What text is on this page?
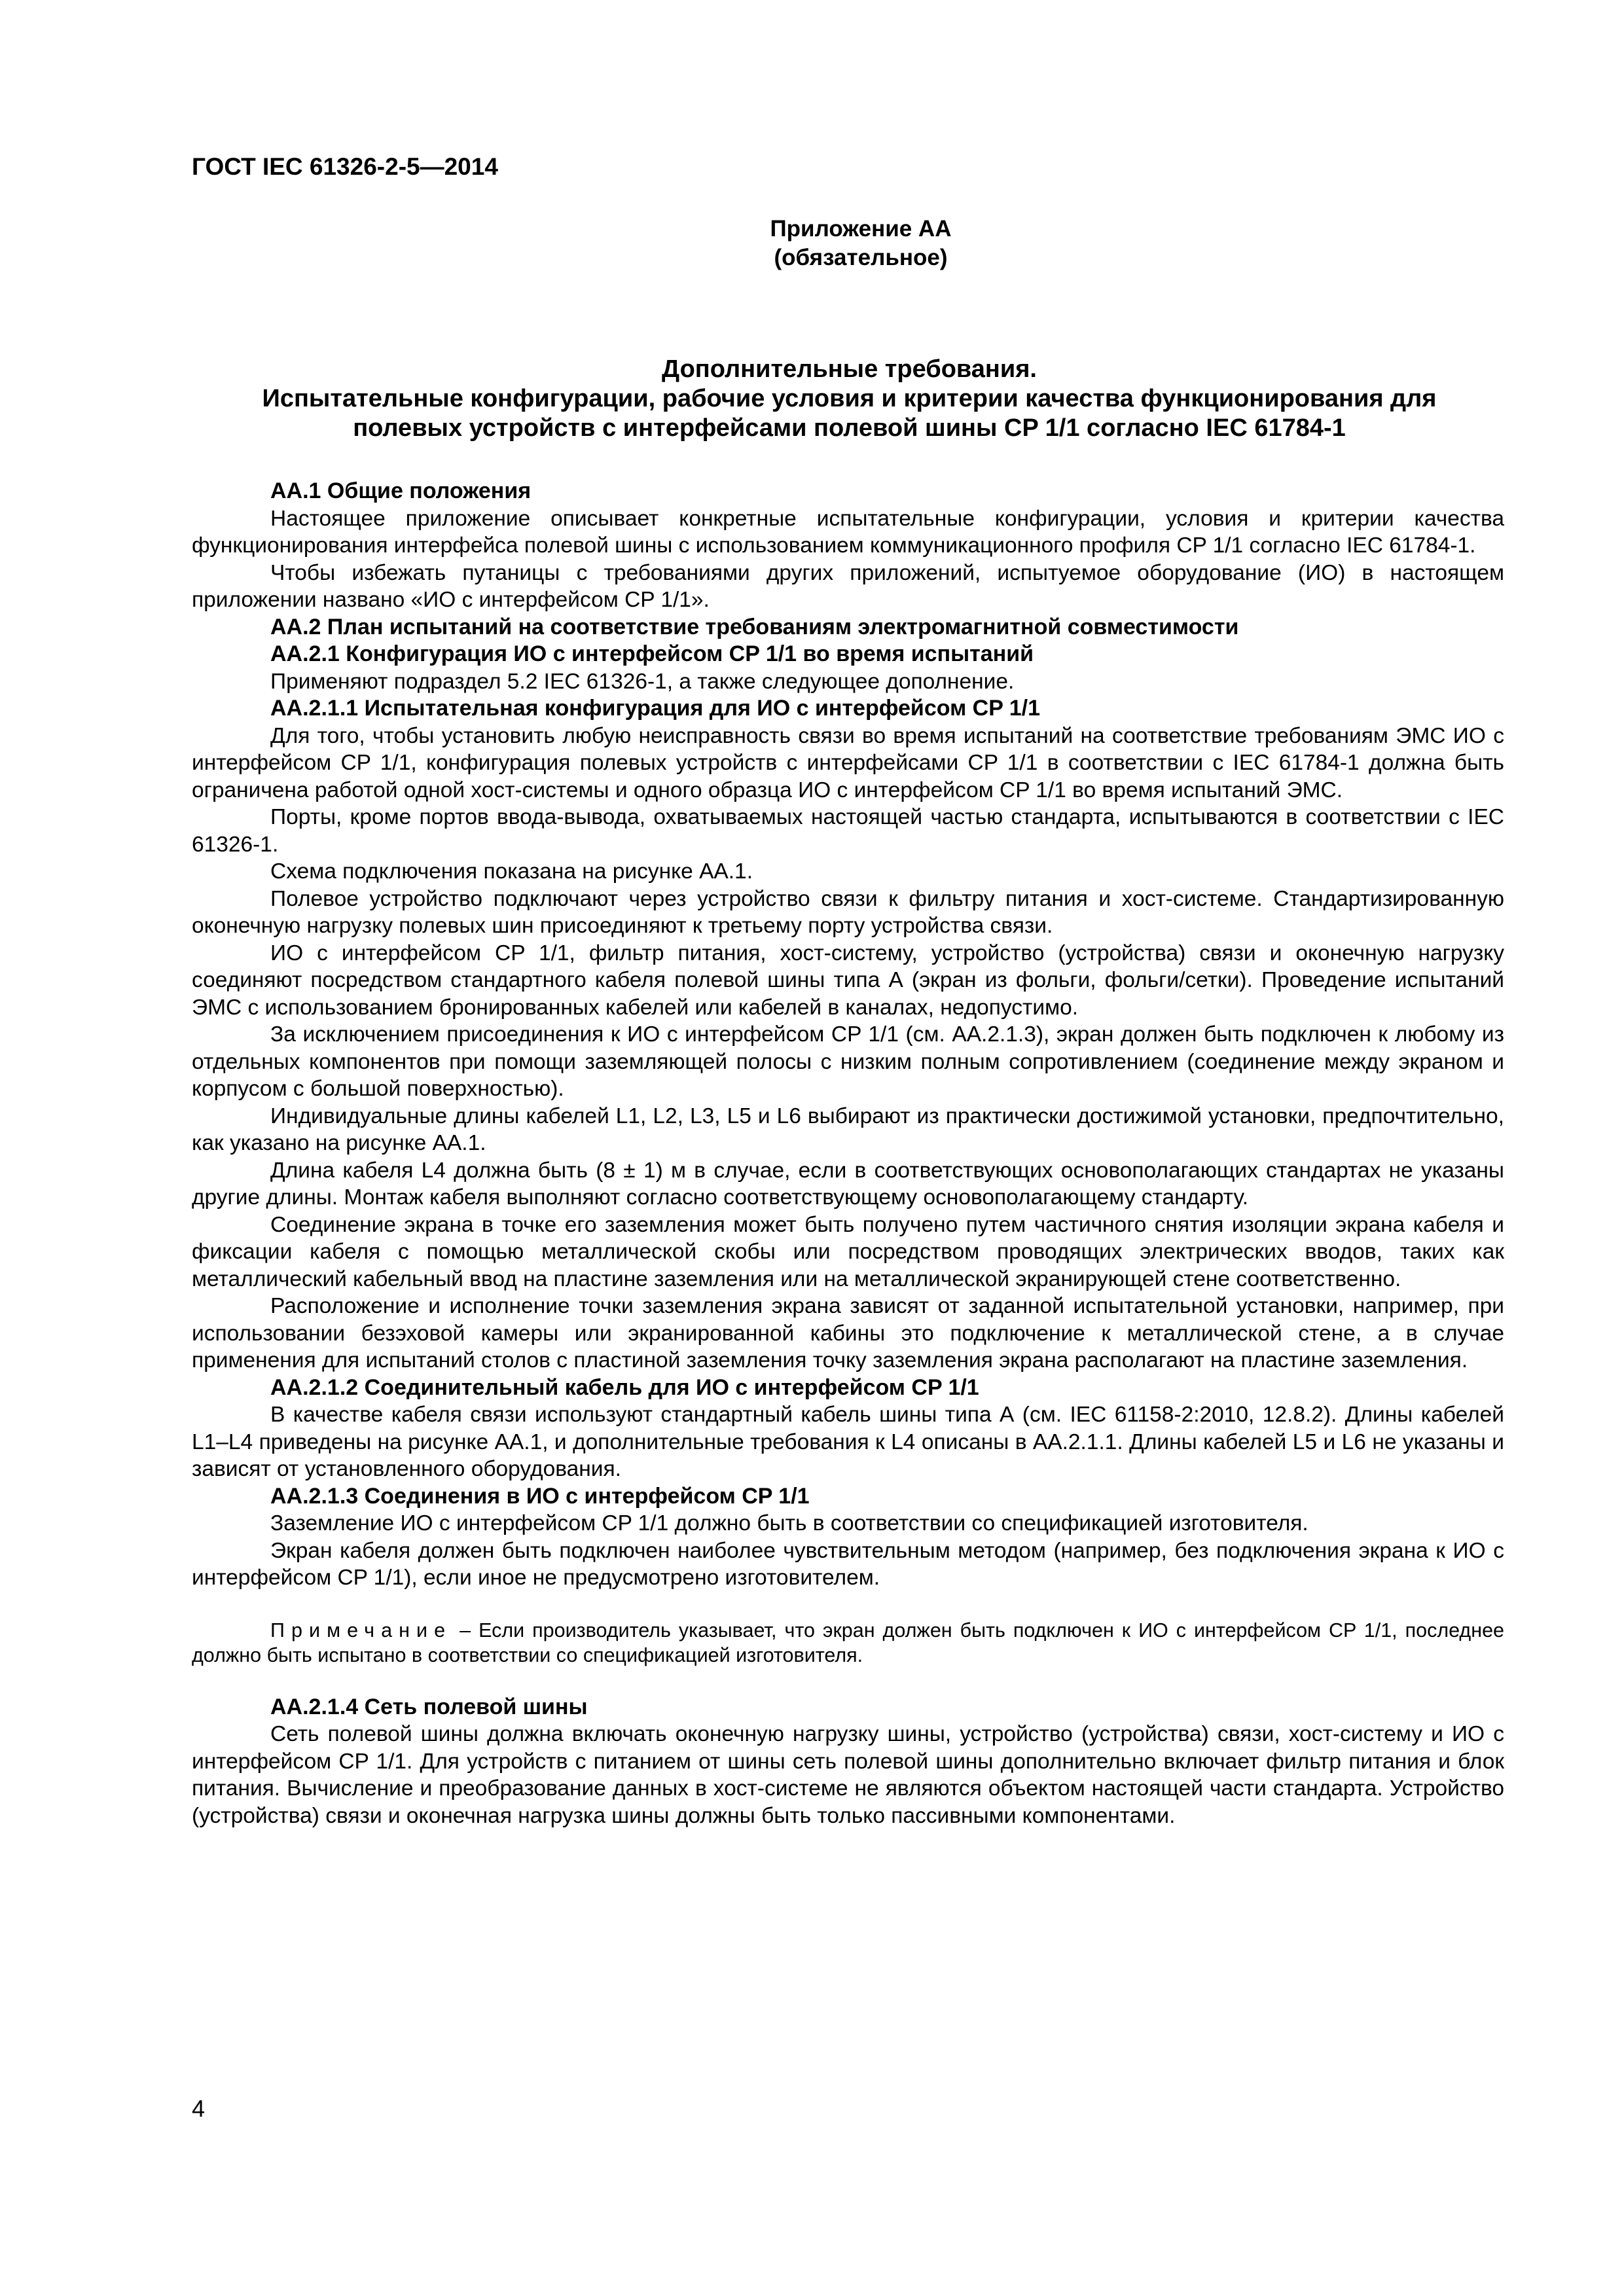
ГОСТ IEC 61326-2-5—2014
Приложение АА
(обязательное)
Дополнительные требования.
Испытательные конфигурации, рабочие условия и критерии качества функционирования для
полевых устройств с интерфейсами полевой шины CP 1/1 согласно IEC 61784-1
АА.1 Общие положения

Настоящее приложение описывает конкретные испытательные конфигурации, условия и критерии качества функционирования интерфейса полевой шины с использованием коммуникационного профиля CP 1/1 согласно IEC 61784-1.

Чтобы избежать путаницы с требованиями других приложений, испытуемое оборудование (ИО) в настоящем приложении названо «ИО с интерфейсом CP 1/1».

АА.2 План испытаний на соответствие требованиям электромагнитной совместимости
АА.2.1 Конфигурация ИО с интерфейсом CP 1/1 во время испытаний

Применяют подраздел 5.2 IEC 61326-1, а также следующее дополнение.

АА.2.1.1 Испытательная конфигурация для ИО с интерфейсом CP 1/1

Для того, чтобы установить любую неисправность связи во время испытаний на соответствие требованиям ЭМС ИО с интерфейсом CP 1/1, конфигурация полевых устройств с интерфейсами CP 1/1 в соответствии с IEC 61784-1 должна быть ограничена работой одной хост-системы и одного образца ИО с интерфейсом CP 1/1 во время испытаний ЭМС.

Порты, кроме портов ввода-вывода, охватываемых настоящей частью стандарта, испытываются в соответствии с IEC 61326-1.

Схема подключения показана на рисунке АА.1.

Полевое устройство подключают через устройство связи к фильтру питания и хост-системе. Стандартизированную оконечную нагрузку полевых шин присоединяют к третьему порту устройства связи.

ИО с интерфейсом CP 1/1, фильтр питания, хост-систему, устройство (устройства) связи и оконечную нагрузку соединяют посредством стандартного кабеля полевой шины типа А (экран из фольги, фольги/сетки). Проведение испытаний ЭМС с использованием бронированных кабелей или кабелей в каналах, недопустимо.

За исключением присоединения к ИО с интерфейсом CP 1/1 (см. АА.2.1.3), экран должен быть подключен к любому из отдельных компонентов при помощи заземляющей полосы с низким полным сопротивлением (соединение между экраном и корпусом с большой поверхностью).

Индивидуальные длины кабелей L1, L2, L3, L5 и L6 выбирают из практически достижимой установки, предпочтительно, как указано на рисунке АА.1.

Длина кабеля L4 должна быть (8 ± 1) м в случае, если в соответствующих основополагающих стандартах не указаны другие длины. Монтаж кабеля выполняют согласно соответствующему основополагающему стандарту.

Соединение экрана в точке его заземления может быть получено путем частичного снятия изоляции экрана кабеля и фиксации кабеля с помощью металлической скобы или посредством проводящих электрических вводов, таких как металлический кабельный ввод на пластине заземления или на металлической экранирующей стене соответственно.

Расположение и исполнение точки заземления экрана зависят от заданной испытательной установки, например, при использовании безэховой камеры или экранированной кабины это подключение к металлической стене, а в случае применения для испытаний столов с пластиной заземления точку заземления экрана располагают на пластине заземления.

АА.2.1.2 Соединительный кабель для ИО с интерфейсом CP 1/1

В качестве кабеля связи используют стандартный кабель шины типа А (см. IEC 61158-2:2010, 12.8.2). Длины кабелей L1–L4 приведены на рисунке АА.1, и дополнительные требования к L4 описаны в АА.2.1.1. Длины кабелей L5 и L6 не указаны и зависят от установленного оборудования.

АА.2.1.3 Соединения в ИО с интерфейсом CP 1/1

Заземление ИО с интерфейсом CP 1/1 должно быть в соответствии со спецификацией изготовителя.

Экран кабеля должен быть подключен наиболее чувствительным методом (например, без подключения экрана к ИО с интерфейсом CP 1/1), если иное не предусмотрено изготовителем.

Примечание – Если производитель указывает, что экран должен быть подключен к ИО с интерфейсом CP 1/1, последнее должно быть испытано в соответствии со спецификацией изготовителя.

АА.2.1.4 Сеть полевой шины

Сеть полевой шины должна включать оконечную нагрузку шины, устройство (устройства) связи, хост-систему и ИО с интерфейсом CP 1/1. Для устройств с питанием от шины сеть полевой шины дополнительно включает фильтр питания и блок питания. Вычисление и преобразование данных в хост-системе не являются объектом настоящей части стандарта. Устройство (устройства) связи и оконечная нагрузка шины должны быть только пассивными компонентами.

4
